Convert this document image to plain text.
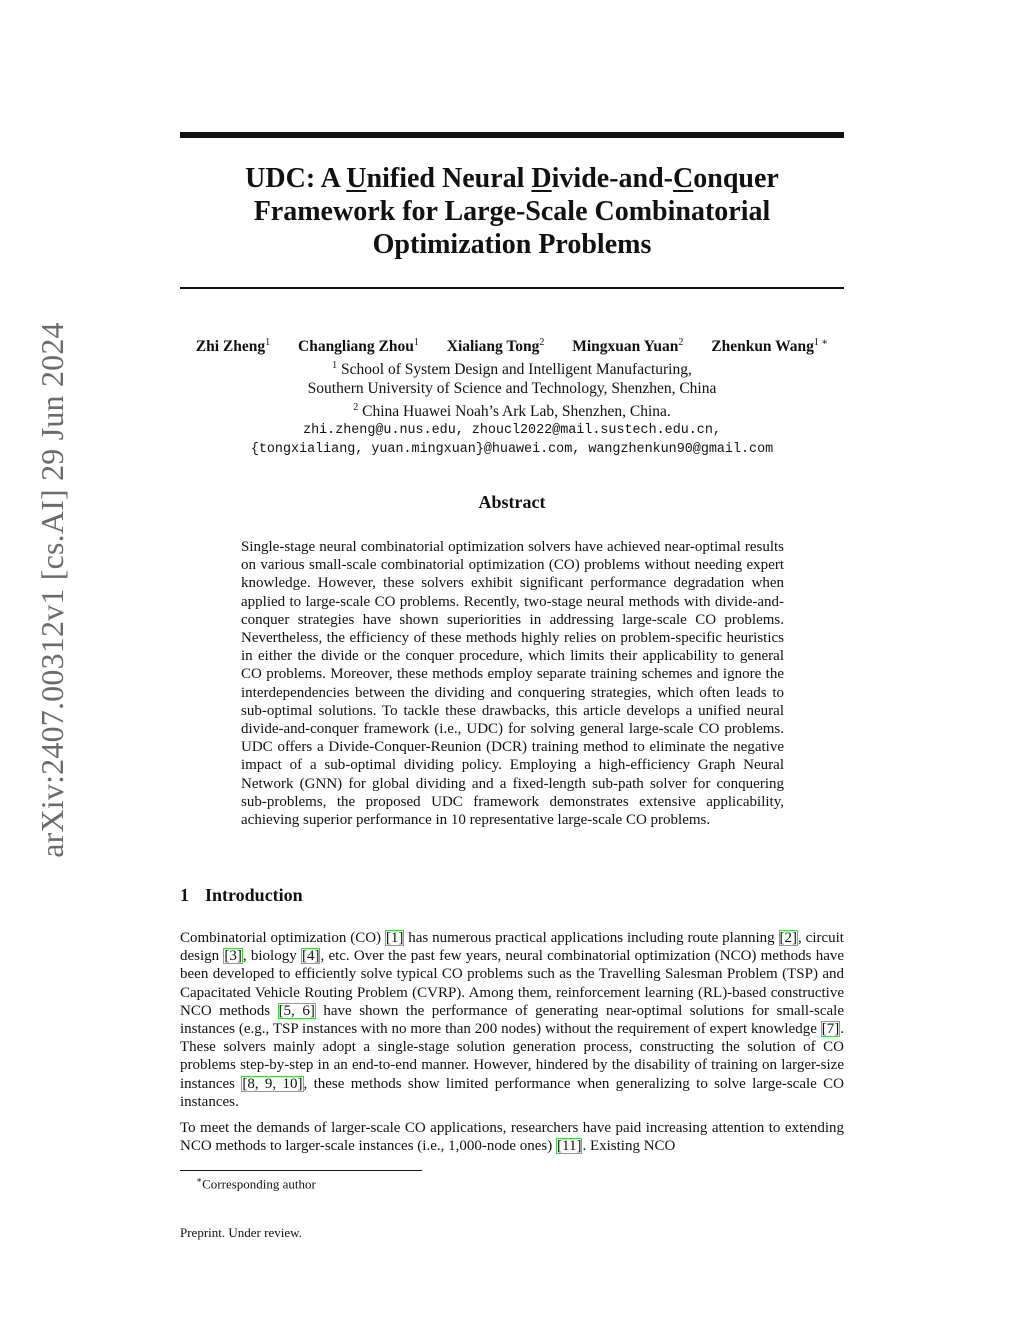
arXiv:2407.00312v1 [cs.AI] 29 Jun 2024
UDC: A Unified Neural Divide-and-Conquer
Framework for Large-Scale Combinatorial
Optimization Problems
Zhi Zheng$^1$ Changliang Zhou$^1$ Xialiang Tong$^2$ Mingxuan Yuan$^2$ Zhenkun Wang$^{1 ∗}$
$^1$ School of System Design and Intelligent Manufacturing,
Southern University of Science and Technology, Shenzhen, China
$^2$ China Huawei Noah’s Ark Lab, Shenzhen, China.
zhi.zheng@u.nus.edu, zhoucl2022@mail.sustech.edu.cn,
{tongxialiang, yuan.mingxuan}@huawei.com, wangzhenkun90@gmail.com
Abstract
Single-stage neural combinatorial optimization solvers have achieved near-optimal results on various small-scale combinatorial optimization (CO) problems without needing expert knowledge. However, these solvers exhibit significant performance degradation when applied to large-scale CO problems. Recently, two-stage neural methods with divide-and-conquer strategies have shown superiorities in addressing large-scale CO problems. Nevertheless, the efficiency of these methods highly relies on problem-specific heuristics in either the divide or the conquer procedure, which limits their applicability to general CO problems. Moreover, these methods employ separate training schemes and ignore the interdependencies between the dividing and conquering strategies, which often leads to sub-optimal solutions. To tackle these drawbacks, this article develops a unified neural divide-and-conquer framework (i.e., UDC) for solving general large-scale CO problems. UDC offers a Divide-Conquer-Reunion (DCR) training method to eliminate the negative impact of a sub-optimal dividing policy. Employing a high-efficiency Graph Neural Network (GNN) for global dividing and a fixed-length sub-path solver for conquering sub-problems, the proposed UDC framework demonstrates extensive applicability, achieving superior performance in 10 representative large-scale CO problems.
1 Introduction

Combinatorial optimization (CO) [1] has numerous practical applications including route planning [2], circuit design [3], biology [4], etc. Over the past few years, neural combinatorial optimization (NCO) methods have been developed to efficiently solve typical CO problems such as the Travelling Salesman Problem (TSP) and Capacitated Vehicle Routing Problem (CVRP). Among them, reinforcement learning (RL)-based constructive NCO methods [5, 6] have shown the performance of generating near-optimal solutions for small-scale instances (e.g., TSP instances with no more than 200 nodes) without the requirement of expert knowledge [7]. These solvers mainly adopt a single-stage solution generation process, constructing the solution of CO problems step-by-step in an end-to-end manner. However, hindered by the disability of training on larger-size instances [8, 9, 10], these methods show limited performance when generalizing to solve large-scale CO instances.

To meet the demands of larger-scale CO applications, researchers have paid increasing attention to extending NCO methods to larger-scale instances (i.e., 1,000-node ones) [11]. Existing NCO

∗Corresponding author
Preprint. Under review.
